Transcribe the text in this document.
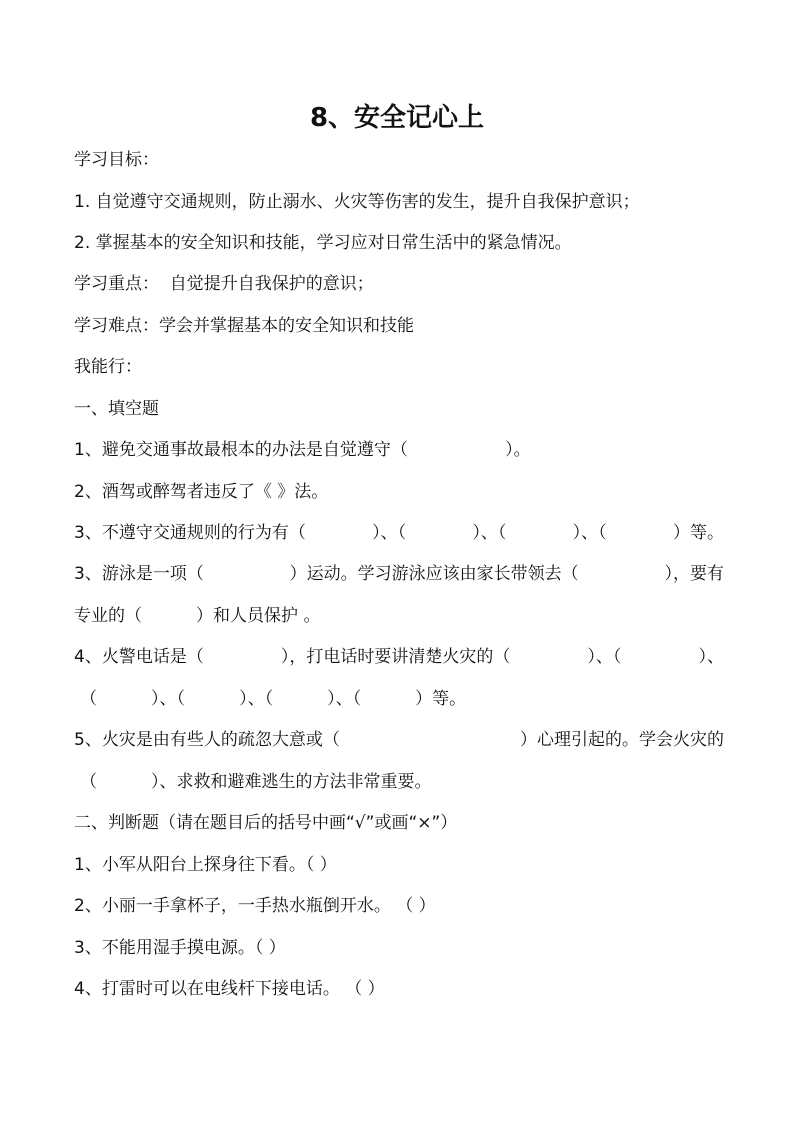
8、安全记心上
学习目标：
1. 自觉遵守交通规则，防止溺水、火灾等伤害的发生，提升自我保护意识；
2. 掌握基本的安全知识和技能，学习应对日常生活中的紧急情况。
学习重点：  自觉提升自我保护的意识；
学习难点：学会并掌握基本的安全知识和技能
我能行：
一、填空题
1、避免交通事故最根本的办法是自觉遵守（                  ）。
2、酒驾或醉驾者违反了《 》法。
3、不遵守交通规则的行为有（	）、（	）、（	）、（	）等。
3、游泳是一项（	）运动。学习游泳应该由家长带领去（	），要有
专业的（          ）和人员保护 。
4、火警电话是（	），打电话时要讲清楚火灾的（	）、（	）、
（          ）、（          ）、（          ）、（          ）等。
5、火灾是由有些人的疏忽大意或（	）心理引起的。学会火灾的
（          ）、求救和避难逃生的方法非常重要。
二、判断题（请在题目后的括号中画“√”或画“×”）
1、小军从阳台上探身往下看。（ ）
2、小丽一手拿杯子，一手热水瓶倒开水。 （ ）
3、不能用湿手摸电源。（ ）
4、打雷时可以在电线杆下接电话。 （ ）
